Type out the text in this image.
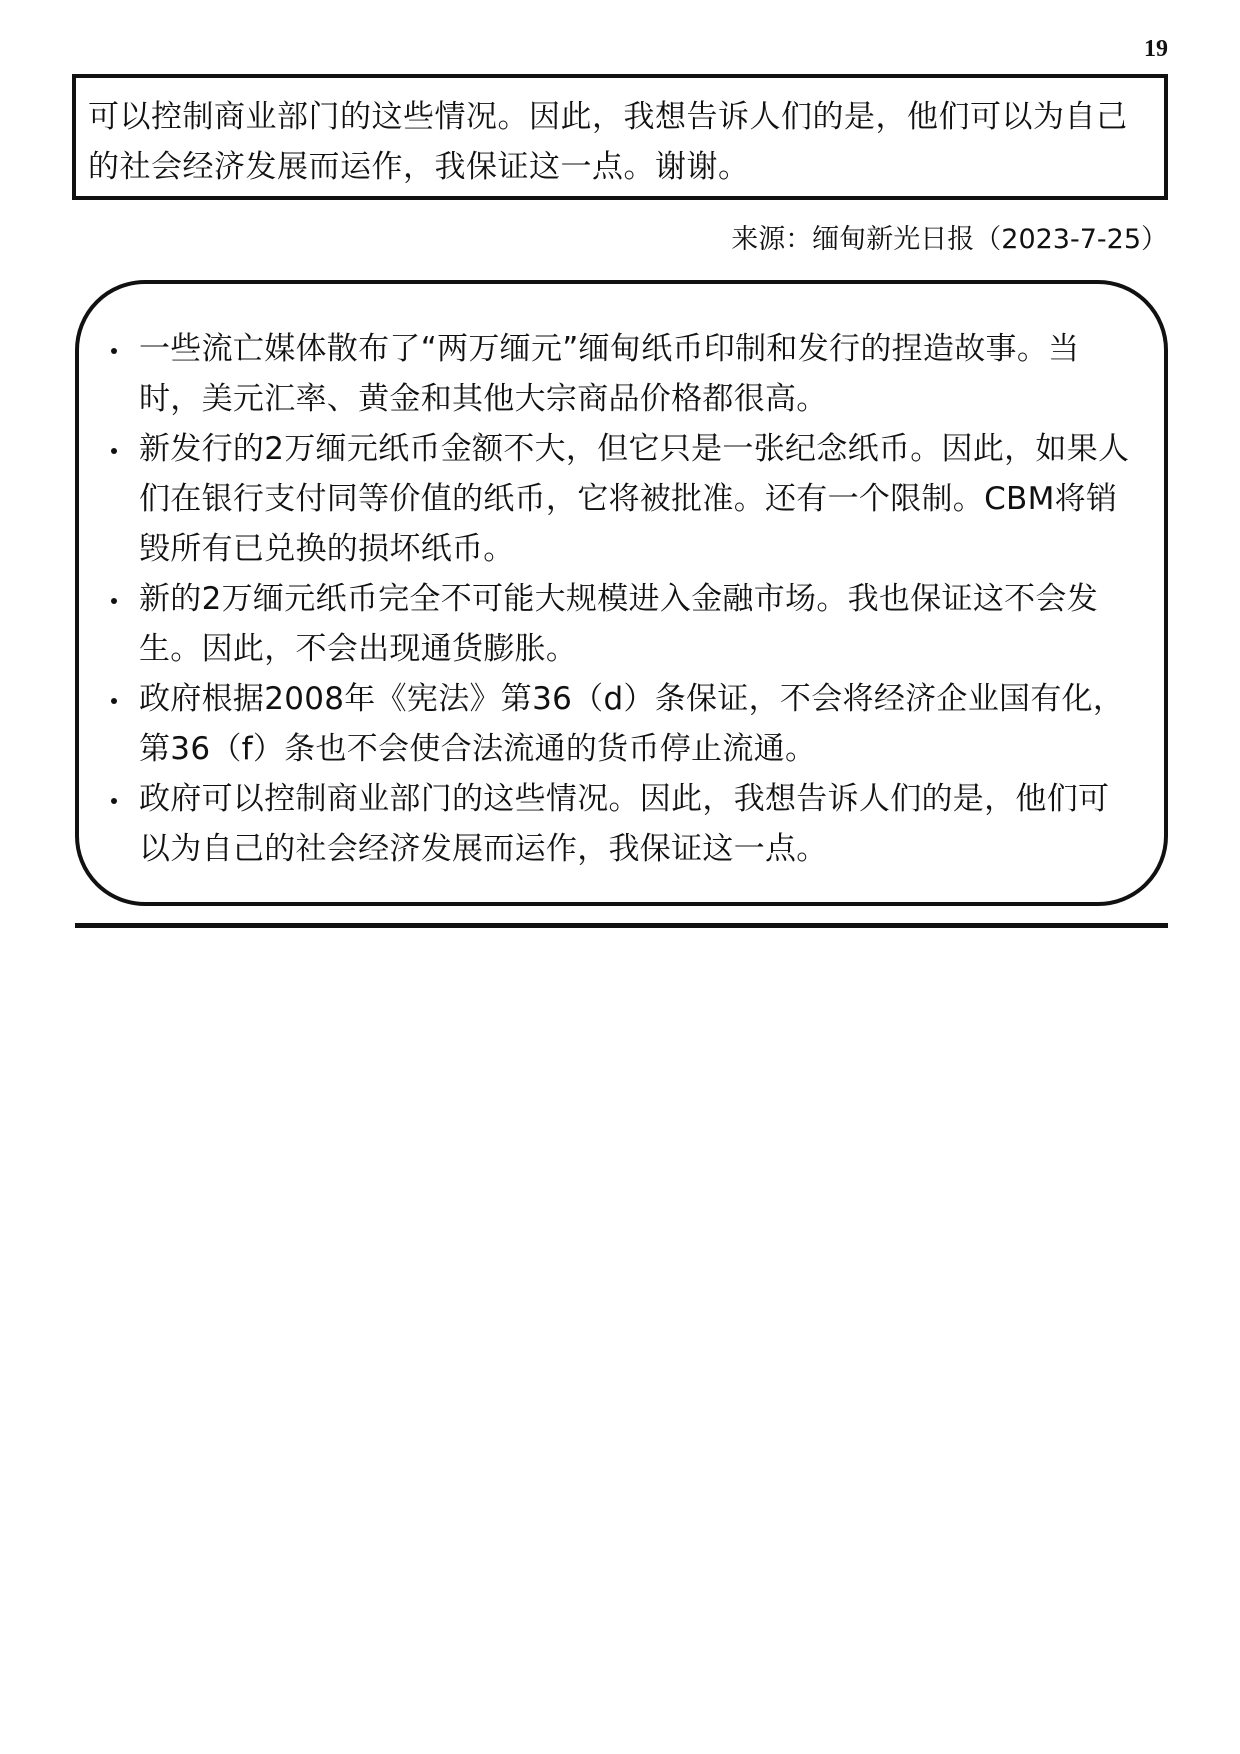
19

可以控制商业部门的这些情况。因此，我想告诉人们的是，他们可以为自己的社会经济发展而运作，我保证这一点。谢谢。

来源：缅甸新光日报（2023-7-25）
一些流亡媒体散布了“两万缅元”缅甸纸币印制和发行的捏造故事。当时，美元汇率、黄金和其他大宗商品价格都很高。
新发行的2万缅元纸币金额不大，但它只是一张纪念纸币。因此，如果人们在银行支付同等价值的纸币，它将被批准。还有一个限制。CBM将销毁所有已兑换的损坏纸币。
新的2万缅元纸币完全不可能大规模进入金融市场。我也保证这不会发生。因此，不会出现通货膨胀。
政府根据2008年《宪法》第36（d）条保证，不会将经济企业国有化，第36（f）条也不会使合法流通的货币停止流通。
政府可以控制商业部门的这些情况。因此，我想告诉人们的是，他们可以为自己的社会经济发展而运作，我保证这一点。
